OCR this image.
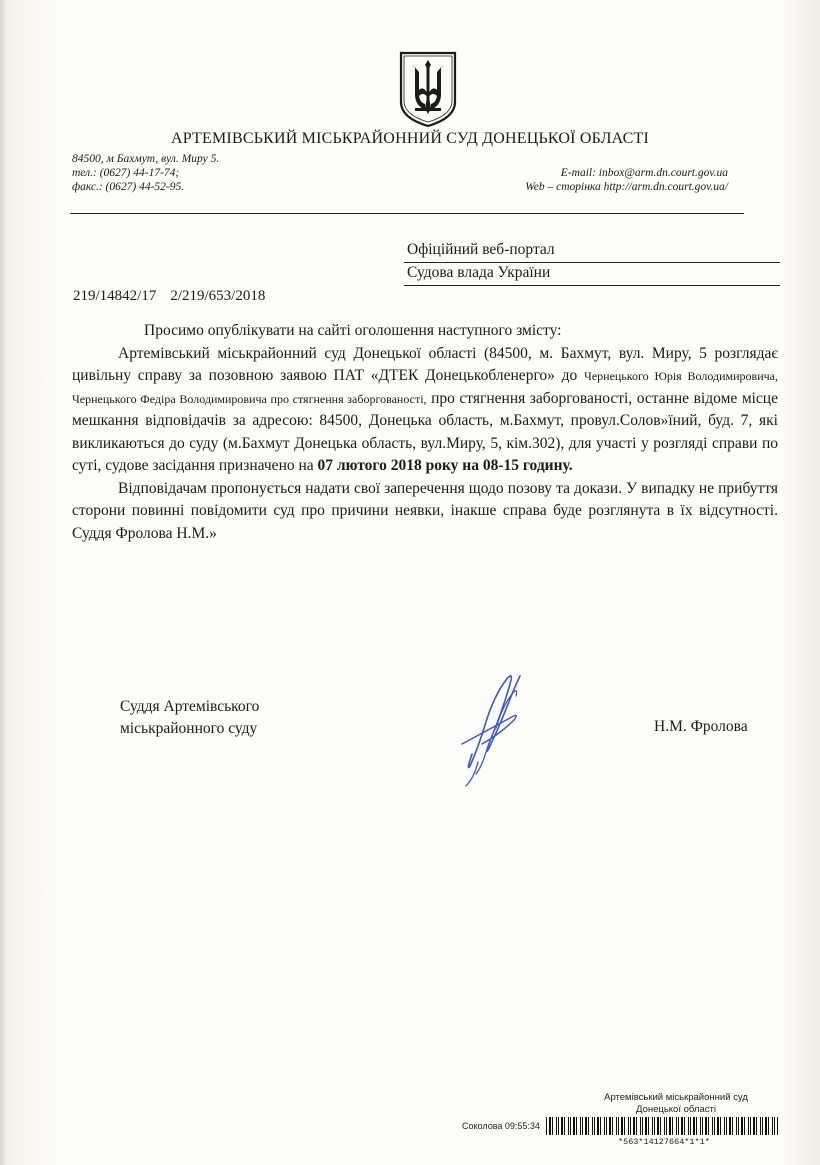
АРТЕМІВСЬКИЙ МІСЬКРАЙОННИЙ СУД ДОНЕЦЬКОЇ ОБЛАСТІ
84500, м Бахмут, вул. Миру 5.
тел.: (0627) 44-17-74;
факс.: (0627) 44-52-95.
E-mail: inbox@arm.dn.court.gov.ua
Web – сторінка http://arm.dn.court.gov.ua/
Офіційний веб-портал
Судова влада України
219/14842/17 2/219/653/2018

Просимо опублікувати на сайті оголошення наступного змісту:

Артемівський міськрайонний суд Донецької області (84500, м. Бахмут, вул. Миру, 5 розглядає цивільну справу за позовною заявою ПАТ «ДТЕК Донецькобленерго» до Чернецького Юрія Володимировича, Чернецького Федіра Володимировича про стягнення заборгованості, про стягнення заборгованості, останне відоме місце мешкання відповідачів за адресою: 84500, Донецька область, м.Бахмут, провул.Солов»їний, буд. 7, які викликаються до суду (м.Бахмут Донецька область, вул.Миру, 5, кім.302), для участі у розгляді справи по суті, судове засідання призначено на 07 лютого 2018 року на 08-15 годину.

Відповідачам пропонується надати свої заперечення щодо позову та докази. У випадку не прибуття сторони повинні повідомити суд про причини неявки, інакше справа буде розглянута в їх відсутності. Суддя Фролова Н.М.»

Суддя Артемівського
міськрайонного суду	Н.М. Фролова
Артемівський міськрайонний суд
Донецької області
Соколова 09:55:34
*563*14127664*1*1*
